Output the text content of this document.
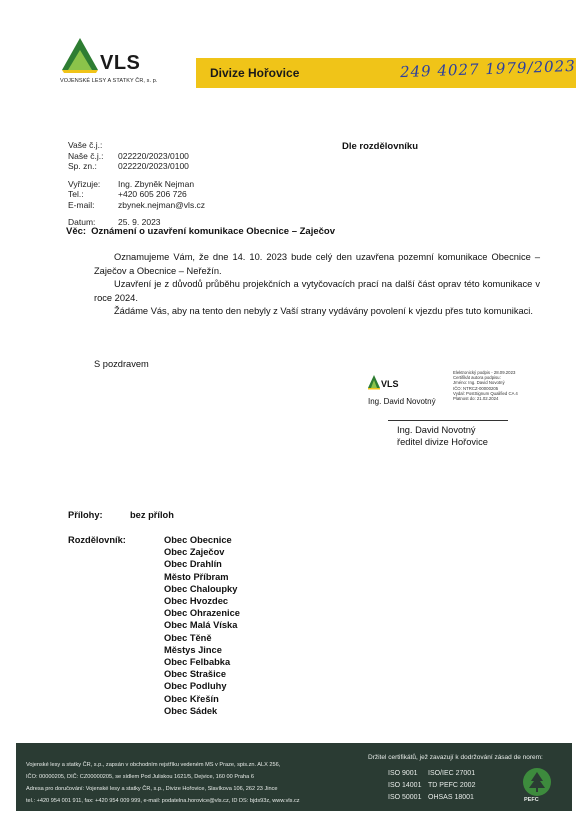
VLS
VOJENSKÉ LESY A STATKY ČR, s. p.
Divize Hořovice	249 4027 1979/2023
Vaše č.j.:
Naše č.j.:	022220/2023/0100
Sp. zn.:	022220/2023/0100
Vyřizuje:	Ing. Zbyněk Nejman
Tel.:	+420 605 206 726
E-mail:	zbynek.nejman@vls.cz
Datum:	25. 9. 2023
Dle rozdělovníku
Věc: Oznámení o uzavření komunikace Obecnice – Zaječov

Oznamujeme Vám, že dne 14. 10. 2023 bude celý den uzavřena pozemní komunikace Obecnice – Zaječov a Obecnice – Neřežín.

Uzavření je z důvodů průběhu projekčních a vytyčovacích prací na další část oprav této komunikace v roce 2024.

Žádáme Vás, aby na tento den nebyly z Vaší strany vydávány povolení k vjezdu přes tuto komunikaci.

S pozdravem
VLS
Ing. David Novotný
Elektronický podpis - 28.09.2023
Certifikát autora podpisu:
Jméno: Ing. David Novotný
IČO: NTRCZ-00000205
Vydal: PostSignum Qualified CA 4
Platnost do: 21.02.2024
Ing. David Novotný
ředitel divize Hořovice
Přílohy:	bez příloh
Rozdělovník:	Obec Obecnice
Obec Zaječov
Obec Drahlín
Město Příbram
Obec Chaloupky
Obec Hvozdec
Obec Ohrazenice
Obec Malá Víska
Obec Těně
Městys Jince
Obec Felbabka
Obec Strašice
Obec Podluhy
Obec Křešín
Obec Sádek
Vojenské lesy a statky ČR, s.p., zapsán v obchodním rejstříku vedeném MS v Praze, spis.zn. ALX 256,
IČO: 00000205, DIČ: CZ00000205, se sídlem Pod Juliskou 1621/5, Dejvice, 160 00 Praha 6
Adresa pro doručování: Vojenské lesy a statky ČR, s.p., Divize Hořovice, Slavíkova 106, 262 23 Jince
tel.: +420 954 001 911, fax: +420 954 009 999, e-mail: podatelna.horovice@vls.cz, ID DS: bjds93z, www.vls.cz
Držitel certifikátů, jež zavazují k dodržování zásad de norem:
ISO 9001	ISO/IEC 27001
ISO 14001 TD PEFC 2002
ISO 50001 OHSAS 18001	PEFC
